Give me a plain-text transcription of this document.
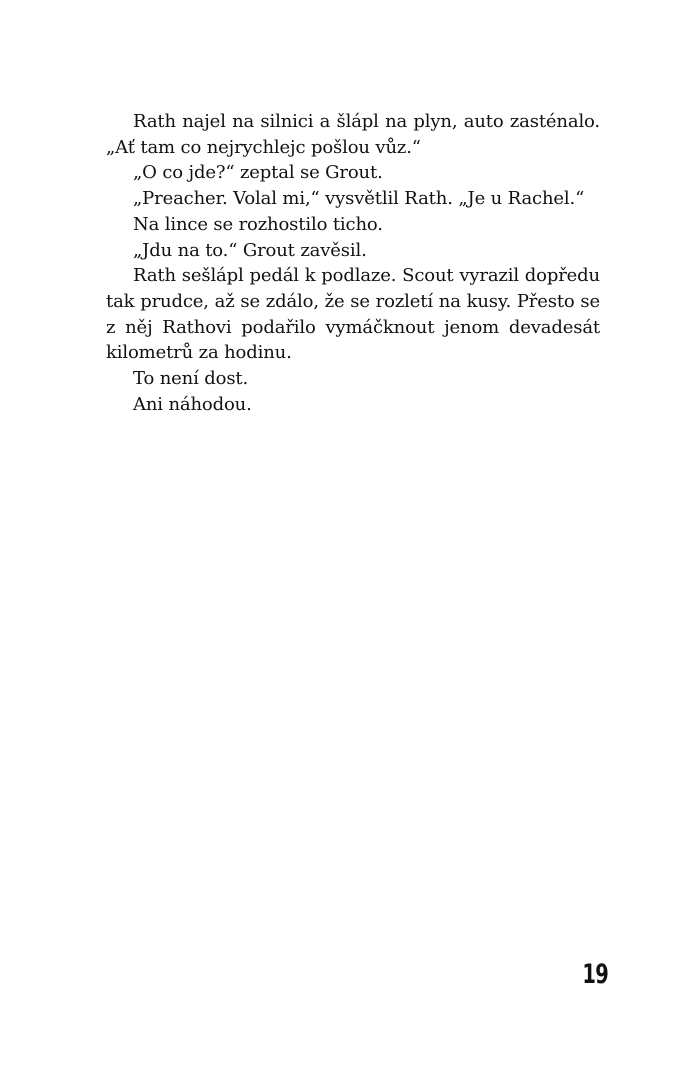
Rath najel na silnici a šlápl na plyn, auto zasténalo. „Ať tam co nejrychlejc pošlou vůz.“

„O co jde?“ zeptal se Grout.

„Preacher. Volal mi,“ vysvětlil Rath. „Je u Rachel.“

Na lince se rozhostilo ticho.

„Jdu na to.“ Grout zavěsil.

Rath sešlápl pedál k podlaze. Scout vyrazil dopředu tak prudce, až se zdálo, že se rozletí na kusy. Přesto se z něj Rathovi podařilo vymáčknout jenom devadesát kilometrů za hodinu.

To není dost.

Ani náhodou.

19
